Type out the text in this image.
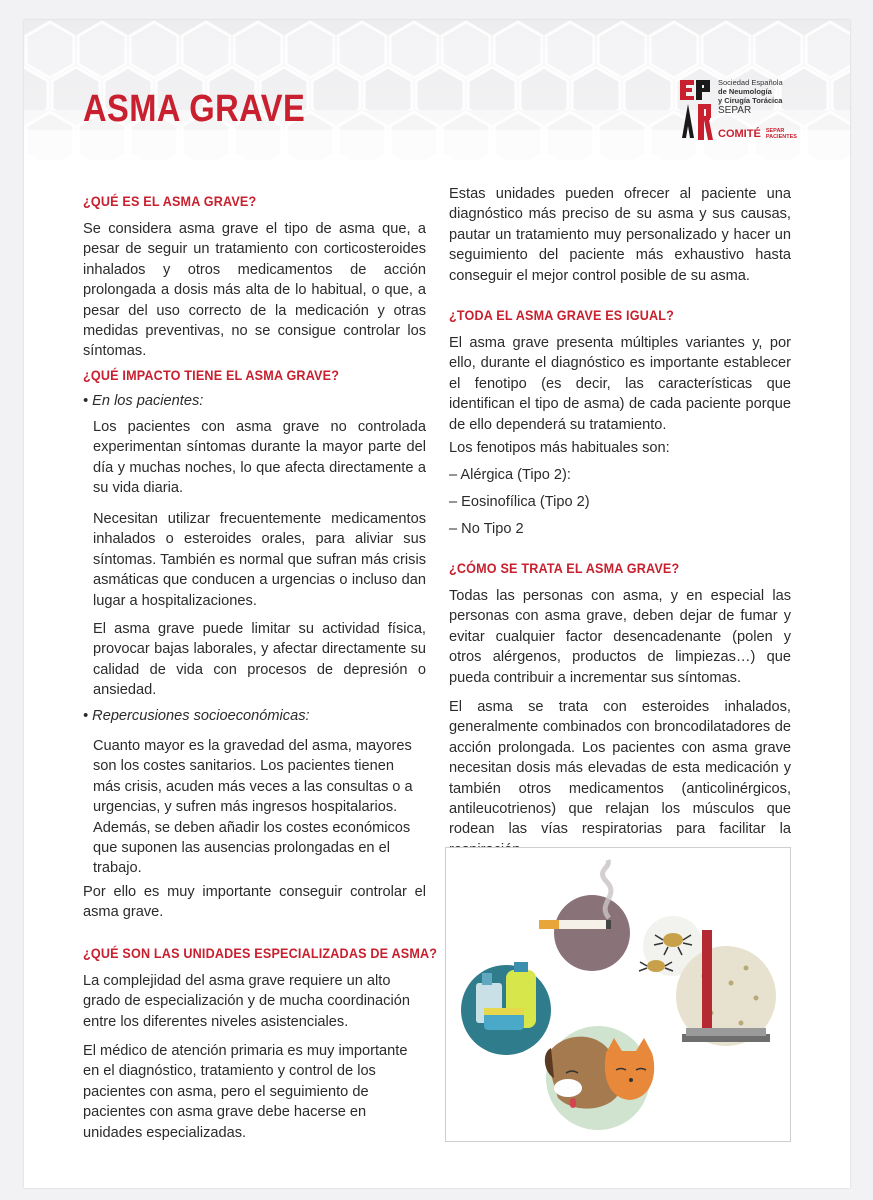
ASMA GRAVE
Sociedad Española
de Neumología
y Cirugía Torácica
SEPAR
COMITÉ SEPAR
PACIENTES
¿QUÉ ES EL ASMA GRAVE?

Se considera asma grave el tipo de asma que, a pesar de seguir un tratamiento con corticosteroides inhalados y otros medicamentos de acción prolongada a dosis más alta de lo habitual, o que, a pesar del uso correcto de la medicación y otras medidas preventivas, no se consigue controlar los síntomas.

¿QUÉ IMPACTO TIENE EL ASMA GRAVE?

• En los pacientes:

Los pacientes con asma grave no controlada experimentan síntomas durante la mayor parte del día y muchas noches, lo que afecta directamente a su vida diaria.

Necesitan utilizar frecuentemente medicamentos inhalados o esteroides orales, para aliviar sus síntomas. También es normal que sufran más crisis asmáticas que conducen a urgencias o incluso dan lugar a hospitalizaciones.

El asma grave puede limitar su actividad física, provocar bajas laborales, y afectar directamente su calidad de vida con procesos de depresión o ansiedad.

• Repercusiones socioeconómicas:

Cuanto mayor es la gravedad del asma, mayores son los costes sanitarios. Los pacientes tienen más crisis, acuden más veces a las consultas o a urgencias, y sufren más ingresos hospitalarios. Además, se deben añadir los costes económicos que suponen las ausencias prolongadas en el trabajo.

Por ello es muy importante conseguir controlar el asma grave.

¿QUÉ SON LAS UNIDADES ESPECIALIZADAS DE ASMA?

La complejidad del asma grave requiere un alto grado de especialización y de mucha coordinación entre los diferentes niveles asistenciales.

El médico de atención primaria es muy importante en el diagnóstico, tratamiento y control de los pacientes con asma, pero el seguimiento de pacientes con asma grave debe hacerse en unidades especializadas.

Estas unidades pueden ofrecer al paciente una diagnóstico más preciso de su asma y sus causas, pautar un tratamiento muy personalizado y hacer un seguimiento del paciente más exhaustivo hasta conseguir el mejor control posible de su asma.

¿TODA EL ASMA GRAVE ES IGUAL?

El asma grave presenta múltiples variantes y, por ello, durante el diagnóstico es importante establecer el fenotipo (es decir, las características que identifican el tipo de asma) de cada paciente porque de ello dependerá su tratamiento.

Los fenotipos más habituales son:

– Alérgica (Tipo 2):

– Eosinofílica (Tipo 2)

– No Tipo 2

¿CÓMO SE TRATA EL ASMA GRAVE?

Todas las personas con asma, y en especial las personas con asma grave, deben dejar de fumar y evitar cualquier factor desencadenante (polen y otros alérgenos, productos de limpiezas…) que pueda contribuir a incrementar sus síntomas.

El asma se trata con esteroides inhalados, generalmente combinados con broncodilatadores de acción prolongada. Los pacientes con asma grave necesitan dosis más elevadas de esta medicación y también otros medicamentos (anticolinérgicos, antileucotrienos) que relajan los músculos que rodean las vías respiratorias para facilitar la
